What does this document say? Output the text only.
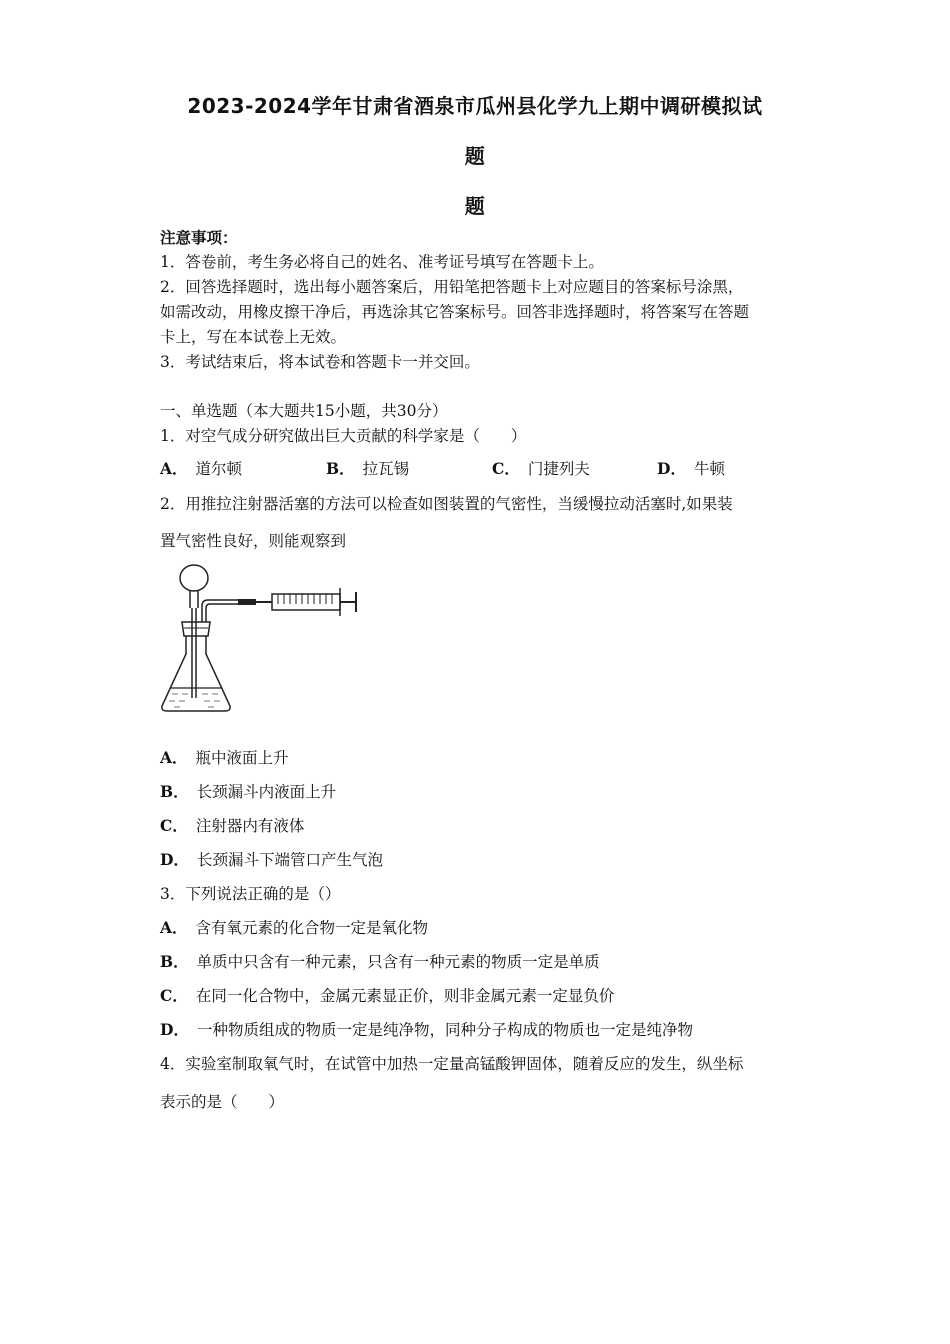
2023-2024学年甘肃省酒泉市瓜州县化学九上期中调研模拟试
题
题
注意事项：
1．答卷前，考生务必将自己的姓名、准考证号填写在答题卡上。
2．回答选择题时，选出每小题答案后，用铅笔把答题卡上对应题目的答案标号涂黑，
如需改动，用橡皮擦干净后，再选涂其它答案标号。回答非选择题时，将答案写在答题
卡上，写在本试卷上无效。
3．考试结束后，将本试卷和答题卡一并交回。
一、单选题（本大题共15小题，共30分）
1．对空气成分研究做出巨大贡献的科学家是（　　）
A． 道尔顿	B． 拉瓦锡	C． 门捷列夫	D． 牛顿
2．用推拉注射器活塞的方法可以检查如图装置的气密性，当缓慢拉动活塞时,如果装
置气密性良好，则能观察到
A． 瓶中液面上升
B． 长颈漏斗内液面上升
C． 注射器内有液体
D． 长颈漏斗下端管口产生气泡
3．下列说法正确的是（）
A． 含有氧元素的化合物一定是氧化物
B． 单质中只含有一种元素，只含有一种元素的物质一定是单质
C． 在同一化合物中，金属元素显正价，则非金属元素一定显负价
D． 一种物质组成的物质一定是纯净物，同种分子构成的物质也一定是纯净物
4．实验室制取氧气时，在试管中加热一定量高锰酸钾固体，随着反应的发生，纵坐标
表示的是（　　）
